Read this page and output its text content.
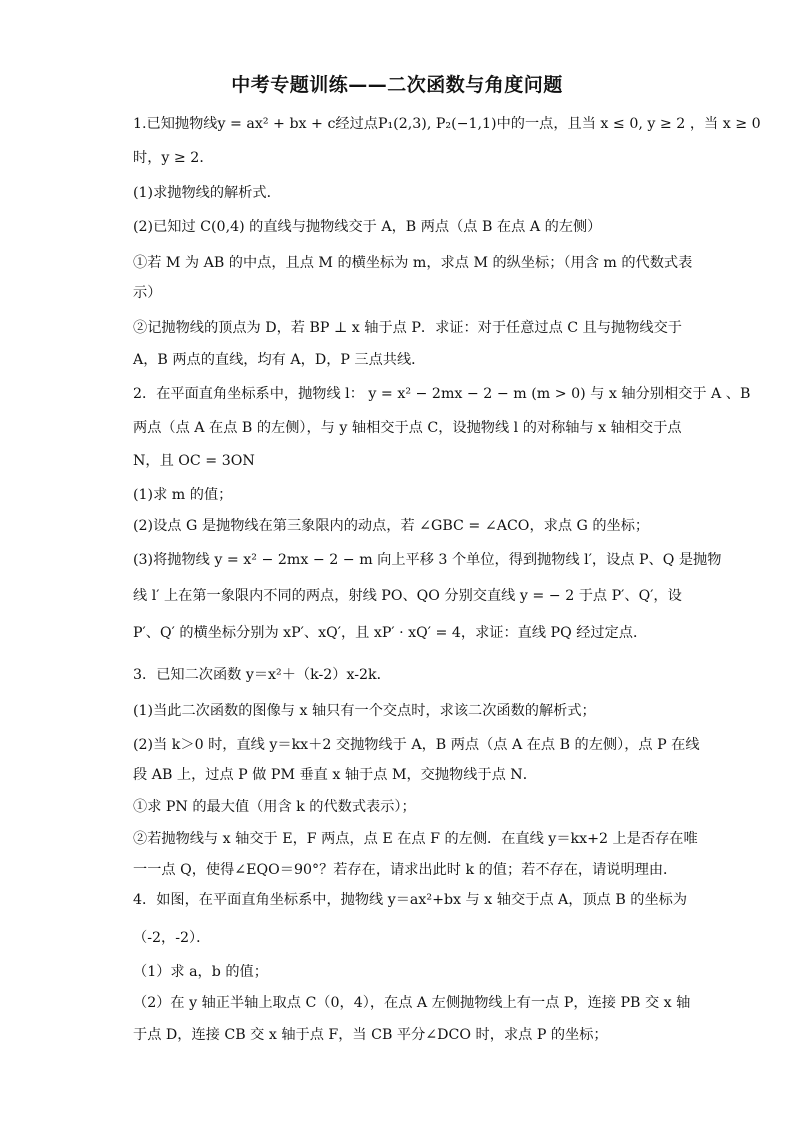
中考专题训练——二次函数与角度问题
1.已知抛物线y = ax² + bx + c经过点P₁(2,3), P₂(−1,1)中的一点，且当 x ≤ 0, y ≥ 2 ，当 x ≥ 0
时，y ≥ 2．
(1)求抛物线的解析式．
(2)已知过 C(0,4) 的直线与抛物线交于 A，B 两点（点 B 在点 A 的左侧）
①若 M 为 AB 的中点，且点 M 的横坐标为 m，求点 M 的纵坐标；（用含 m 的代数式表
示）
②记抛物线的顶点为 D，若 BP ⊥ x 轴于点 P．求证：对于任意过点 C 且与抛物线交于
A，B 两点的直线，均有 A，D，P 三点共线．
2．在平面直角坐标系中，抛物线 l： y = x² − 2mx − 2 − m (m > 0) 与 x 轴分别相交于 A 、B
两点（点 A 在点 B 的左侧），与 y 轴相交于点 C，设抛物线 l 的对称轴与 x 轴相交于点
N，且 OC = 3ON
(1)求 m 的值；
(2)设点 G 是抛物线在第三象限内的动点，若 ∠GBC = ∠ACO，求点 G 的坐标；
(3)将抛物线 y = x² − 2mx − 2 − m 向上平移 3 个单位，得到抛物线 l′，设点 P、Q 是抛物
线 l′ 上在第一象限内不同的两点，射线 PO、QO 分别交直线 y = − 2 于点 P′、Q′，设
P′、Q′ 的横坐标分别为 xP′、xQ′，且 xP′ · xQ′ = 4，求证：直线 PQ 经过定点．
3．已知二次函数 y＝x²＋（k-2）x-2k．
(1)当此二次函数的图像与 x 轴只有一个交点时，求该二次函数的解析式；
(2)当 k＞0 时，直线 y＝kx＋2 交抛物线于 A，B 两点（点 A 在点 B 的左侧），点 P 在线
段 AB 上，过点 P 做 PM 垂直 x 轴于点 M，交抛物线于点 N．
①求 PN 的最大值（用含 k 的代数式表示）；
②若抛物线与 x 轴交于 E，F 两点，点 E 在点 F 的左侧．在直线 y＝kx+2 上是否存在唯
一一点 Q，使得∠EQO＝90°？若存在，请求出此时 k 的值；若不存在，请说明理由．
4．如图，在平面直角坐标系中，抛物线 y＝ax²+bx 与 x 轴交于点 A，顶点 B 的坐标为
（-2，-2）．
（1）求 a，b 的值；
（2）在 y 轴正半轴上取点 C（0，4），在点 A 左侧抛物线上有一点 P，连接 PB 交 x 轴
于点 D，连接 CB 交 x 轴于点 F，当 CB 平分∠DCO 时，求点 P 的坐标；
